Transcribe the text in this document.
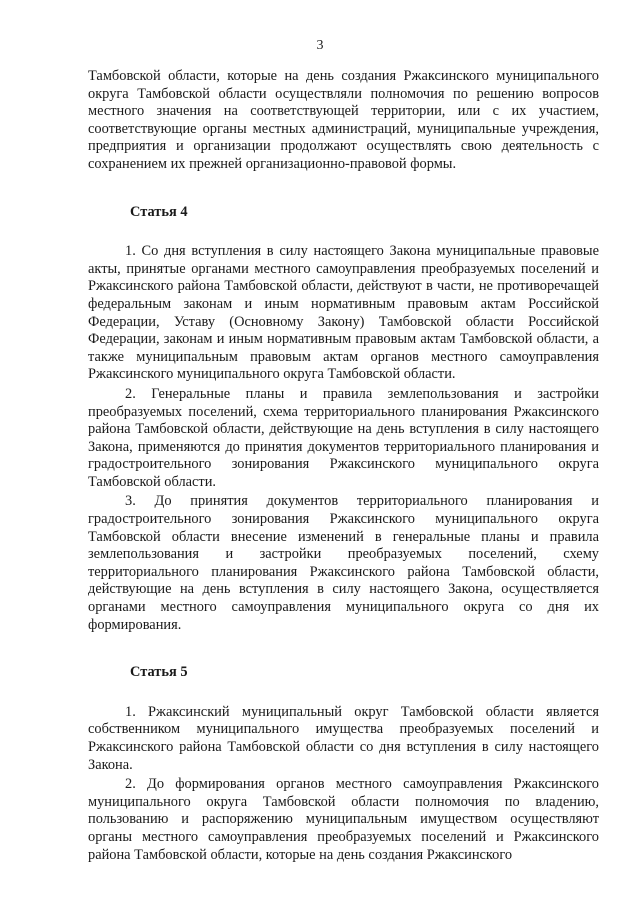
3

Тамбовской области, которые на день создания Ржаксинского муниципального округа Тамбовской области осуществляли полномочия по решению вопросов местного значения на соответствующей территории, или с их участием, соответствующие органы местных администраций, муниципальные учреждения, предприятия и организации продолжают осуществлять свою деятельность с сохранением их прежней организационно-правовой формы.

Статья 4

1. Со дня вступления в силу настоящего Закона муниципальные правовые акты, принятые органами местного самоуправления преобразуемых поселений и Ржаксинского района Тамбовской области, действуют в части, не противоречащей федеральным законам и иным нормативным правовым актам Российской Федерации, Уставу (Основному Закону) Тамбовской области Российской Федерации, законам и иным нормативным правовым актам Тамбовской области, а также муниципальным правовым актам органов местного самоуправления Ржаксинского муниципального округа Тамбовской области.

2. Генеральные планы и правила землепользования и застройки преобразуемых поселений, схема территориального планирования Ржаксинского района Тамбовской области, действующие на день вступления в силу настоящего Закона, применяются до принятия документов территориального планирования и градостроительного зонирования Ржаксинского муниципального округа Тамбовской области.

3. До принятия документов территориального планирования и градостроительного зонирования Ржаксинского муниципального округа Тамбовской области внесение изменений в генеральные планы и правила землепользования и застройки преобразуемых поселений, схему территориального планирования Ржаксинского района Тамбовской области, действующие на день вступления в силу настоящего Закона, осуществляется органами местного самоуправления муниципального округа со дня их формирования.

Статья 5

1. Ржаксинский муниципальный округ Тамбовской области является собственником муниципального имущества преобразуемых поселений и Ржаксинского района Тамбовской области со дня вступления в силу настоящего Закона.

2. До формирования органов местного самоуправления Ржаксинского муниципального округа Тамбовской области полномочия по владению, пользованию и распоряжению муниципальным имуществом осуществляют органы местного самоуправления преобразуемых поселений и Ржаксинского района Тамбовской области, которые на день создания Ржаксинского
